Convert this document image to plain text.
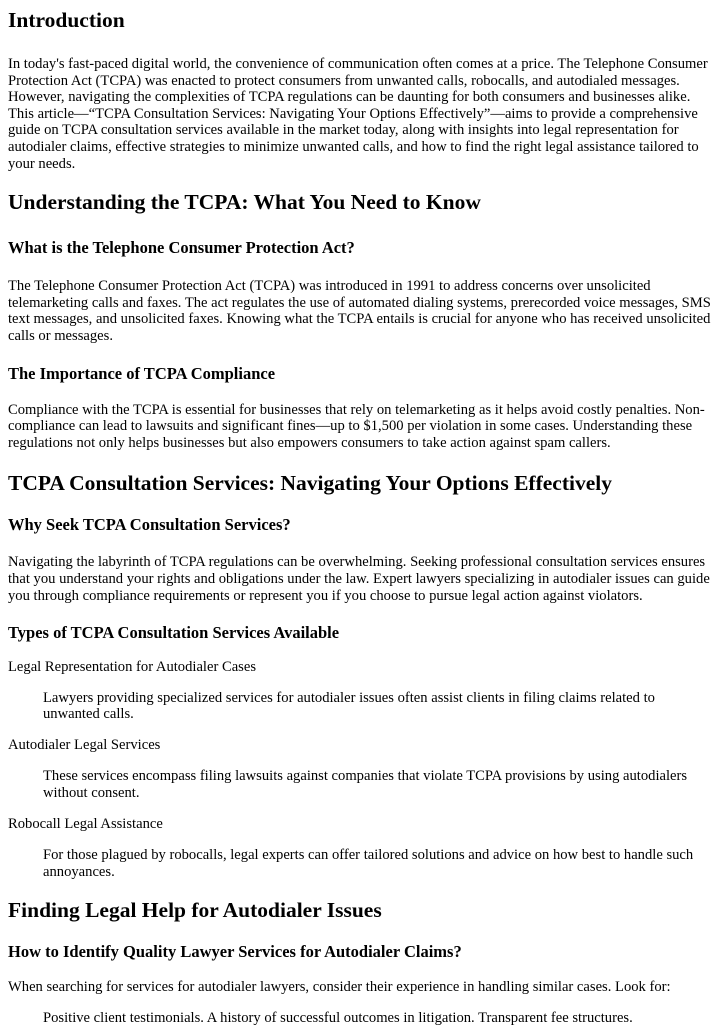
Introduction

In today's fast-paced digital world, the convenience of communication often comes at a price. The Telephone Consumer Protection Act (TCPA) was enacted to protect consumers from unwanted calls, robocalls, and autodialed messages. However, navigating the complexities of TCPA regulations can be daunting for both consumers and businesses alike. This article—“TCPA Consultation Services: Navigating Your Options Effectively”—aims to provide a comprehensive guide on TCPA consultation services available in the market today, along with insights into legal representation for autodialer claims, effective strategies to minimize unwanted calls, and how to find the right legal assistance tailored to your needs.

Understanding the TCPA: What You Need to Know
What is the Telephone Consumer Protection Act?

The Telephone Consumer Protection Act (TCPA) was introduced in 1991 to address concerns over unsolicited telemarketing calls and faxes. The act regulates the use of automated dialing systems, prerecorded voice messages, SMS text messages, and unsolicited faxes. Knowing what the TCPA entails is crucial for anyone who has received unsolicited calls or messages.

The Importance of TCPA Compliance

Compliance with the TCPA is essential for businesses that rely on telemarketing as it helps avoid costly penalties. Non-compliance can lead to lawsuits and significant fines—up to $1,500 per violation in some cases. Understanding these regulations not only helps businesses but also empowers consumers to take action against spam callers.

TCPA Consultation Services: Navigating Your Options Effectively
Why Seek TCPA Consultation Services?

Navigating the labyrinth of TCPA regulations can be overwhelming. Seeking professional consultation services ensures that you understand your rights and obligations under the law. Expert lawyers specializing in autodialer issues can guide you through compliance requirements or represent you if you choose to pursue legal action against violators.

Types of TCPA Consultation Services Available

Legal Representation for Autodialer Cases

Lawyers providing specialized services for autodialer issues often assist clients in filing claims related to unwanted calls.

Autodialer Legal Services

These services encompass filing lawsuits against companies that violate TCPA provisions by using autodialers without consent.

Robocall Legal Assistance

For those plagued by robocalls, legal experts can offer tailored solutions and advice on how best to handle such annoyances.

Finding Legal Help for Autodialer Issues
How to Identify Quality Lawyer Services for Autodialer Claims?

When searching for services for autodialer lawyers, consider their experience in handling similar cases. Look for:

Positive client testimonials. A history of successful outcomes in litigation. Transparent fee structures.
